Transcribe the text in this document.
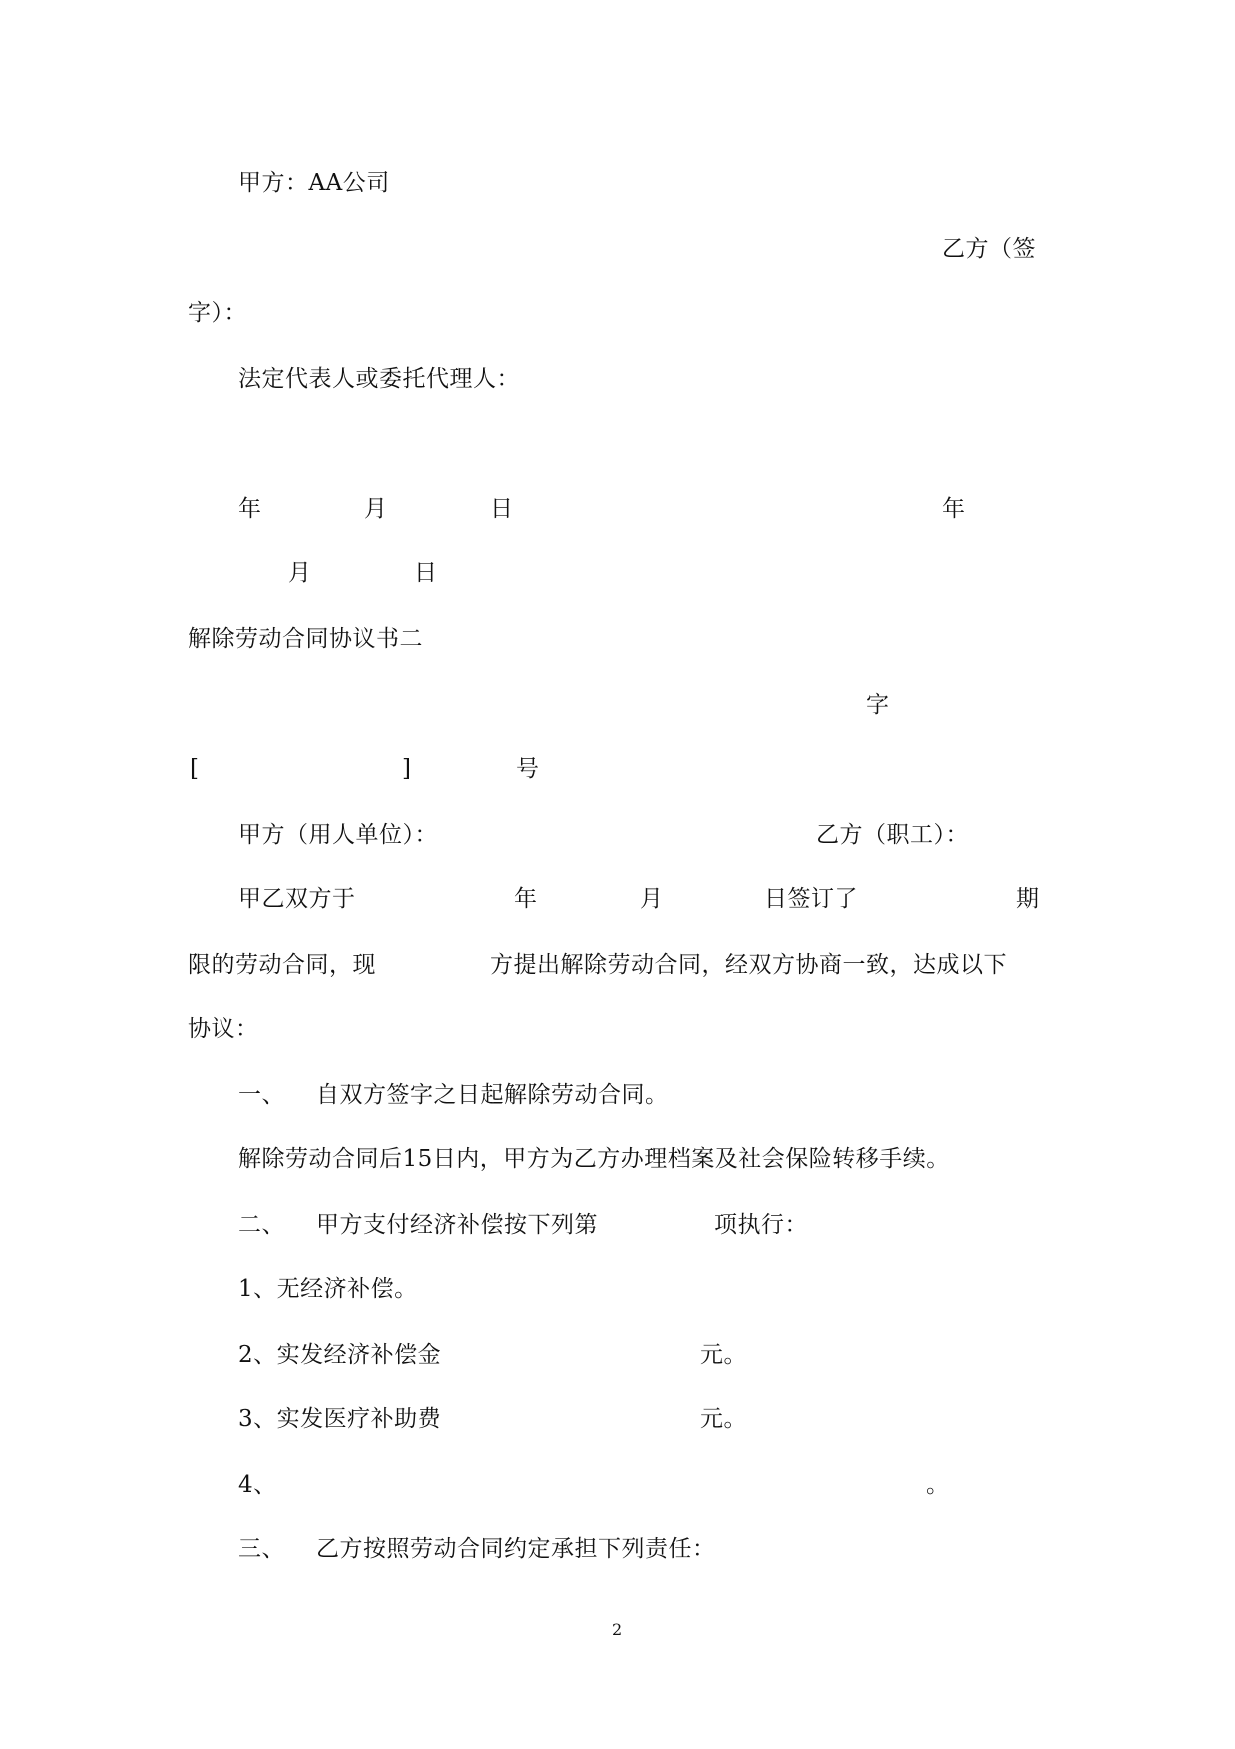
甲方：AA公司
乙方（签
字）：
法定代表人或委托代理人：
年	月	日	年
月	日
解除劳动合同协议书二
字
[	]	号
甲方（用人单位）：	乙方（职工）：
甲乙双方于	年	月	日签订了	期
限的劳动合同，现	方提出解除劳动合同，经双方协商一致，达成以下
协议：
一、 自双方签字之日起解除劳动合同。
解除劳动合同后15日内，甲方为乙方办理档案及社会保险转移手续。
二、 甲方支付经济补偿按下列第	项执行：
1、无经济补偿。
2、实发经济补偿金	元。
3、实发医疗补助费	元。
4、	。
三、 乙方按照劳动合同约定承担下列责任：
2
